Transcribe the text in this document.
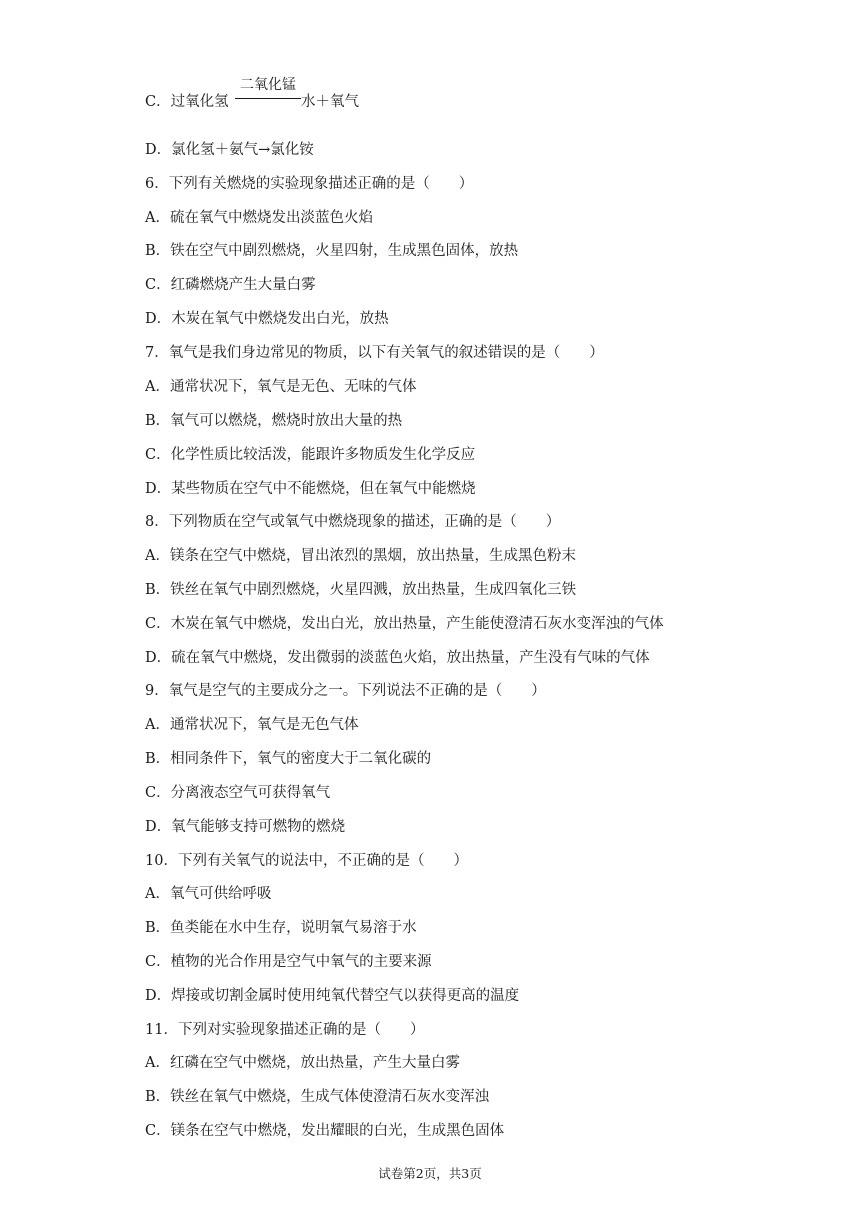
C．过氧化氢
二氧化锰
水＋氧气
D．氯化氢＋氨气→氯化铵
6．下列有关燃烧的实验现象描述正确的是（　　）
A．硫在氧气中燃烧发出淡蓝色火焰
B．铁在空气中剧烈燃烧，火星四射，生成黑色固体，放热
C．红磷燃烧产生大量白雾
D．木炭在氧气中燃烧发出白光，放热
7．氧气是我们身边常见的物质，以下有关氧气的叙述错误的是（　　）
A．通常状况下，氧气是无色、无味的气体
B．氧气可以燃烧，燃烧时放出大量的热
C．化学性质比较活泼，能跟许多物质发生化学反应
D．某些物质在空气中不能燃烧，但在氧气中能燃烧
8．下列物质在空气或氧气中燃烧现象的描述，正确的是（　　）
A．镁条在空气中燃烧，冒出浓烈的黑烟，放出热量，生成黑色粉末
B．铁丝在氧气中剧烈燃烧，火星四溅，放出热量，生成四氧化三铁
C．木炭在氧气中燃烧，发出白光，放出热量，产生能使澄清石灰水变浑浊的气体
D．硫在氧气中燃烧，发出微弱的淡蓝色火焰，放出热量，产生没有气味的气体
9．氧气是空气的主要成分之一。下列说法不正确的是（　　）
A．通常状况下，氧气是无色气体
B．相同条件下，氧气的密度大于二氧化碳的
C．分离液态空气可获得氧气
D．氧气能够支持可燃物的燃烧
10．下列有关氧气的说法中，不正确的是（　　）
A．氧气可供给呼吸
B．鱼类能在水中生存，说明氧气易溶于水
C．植物的光合作用是空气中氧气的主要来源
D．焊接或切割金属时使用纯氧代替空气以获得更高的温度
11．下列对实验现象描述正确的是（　　）
A．红磷在空气中燃烧，放出热量，产生大量白雾
B．铁丝在氧气中燃烧，生成气体使澄清石灰水变浑浊
C．镁条在空气中燃烧，发出耀眼的白光，生成黑色固体
试卷第2页，共3页
